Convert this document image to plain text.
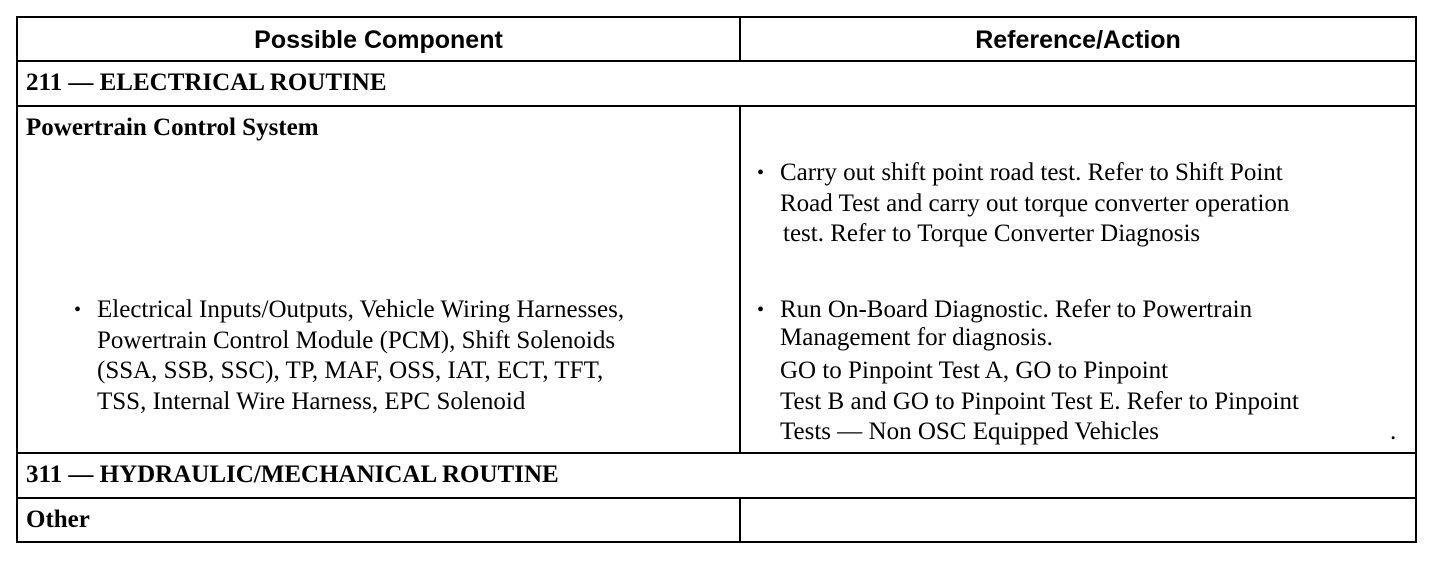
Possible Component	Reference/Action
211 — ELECTRICAL ROUTINE
Powertrain Control System
• Carry out shift point road test. Refer to Shift Point
Road Test and carry out torque converter operation
test. Refer to Torque Converter Diagnosis
• Electrical Inputs/Outputs, Vehicle Wiring Harnesses,
Powertrain Control Module (PCM), Shift Solenoids
(SSA, SSB, SSC), TP, MAF, OSS, IAT, ECT, TFT,
TSS, Internal Wire Harness, EPC Solenoid
• Run On-Board Diagnostic. Refer to Powertrain
Management for diagnosis.
GO to Pinpoint Test A, GO to Pinpoint
Test B and GO to Pinpoint Test E. Refer to Pinpoint
Tests — Non OSC Equipped Vehicles	.
311 — HYDRAULIC/MECHANICAL ROUTINE
Other
